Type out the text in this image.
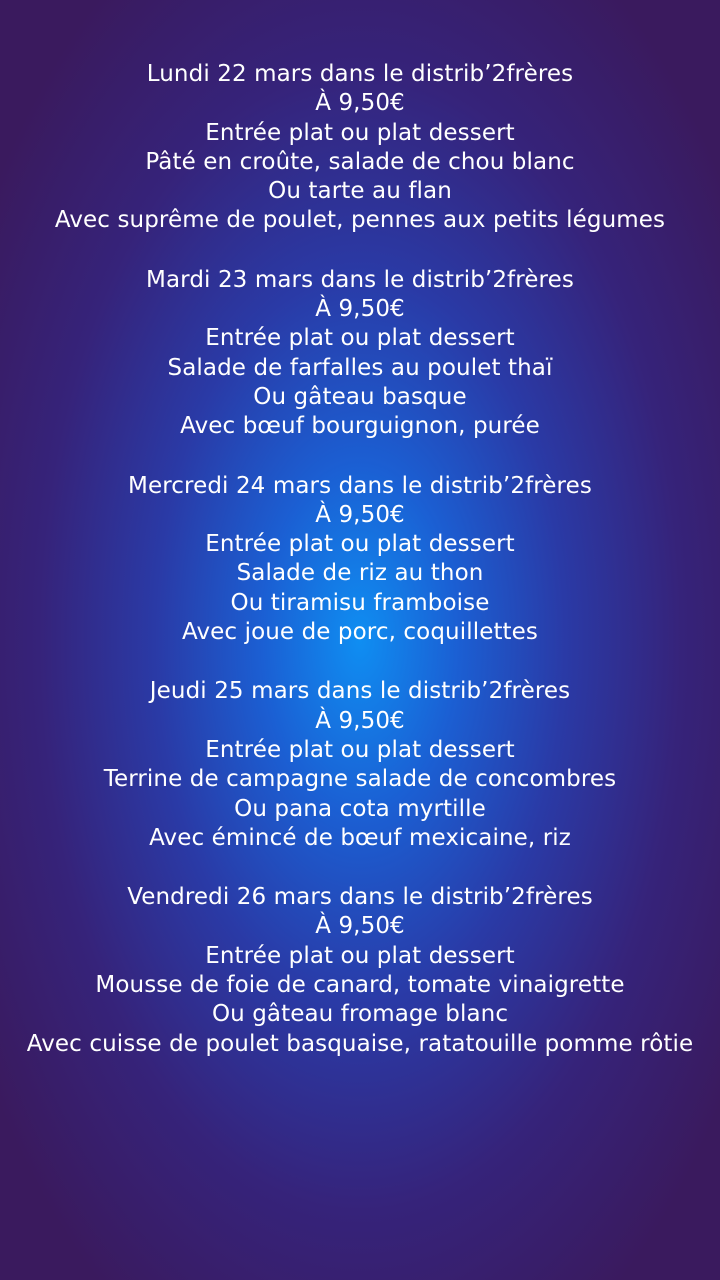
Lundi 22 mars dans le distrib’2frères
À 9,50€
Entrée plat ou plat dessert
Pâté en croûte, salade de chou blanc
Ou tarte au flan
Avec suprême de poulet, pennes aux petits légumes
Mardi 23 mars dans le distrib’2frères
À 9,50€
Entrée plat ou plat dessert
Salade de farfalles au poulet thaï
Ou gâteau basque
Avec bœuf bourguignon, purée
Mercredi 24 mars dans le distrib’2frères
À 9,50€
Entrée plat ou plat dessert
Salade de riz au thon
Ou tiramisu framboise
Avec joue de porc, coquillettes
Jeudi 25 mars dans le distrib’2frères
À 9,50€
Entrée plat ou plat dessert
Terrine de campagne salade de concombres
Ou pana cota myrtille
Avec émincé de bœuf mexicaine, riz
Vendredi 26 mars dans le distrib’2frères
À 9,50€
Entrée plat ou plat dessert
Mousse de foie de canard, tomate vinaigrette
Ou gâteau fromage blanc
Avec cuisse de poulet basquaise, ratatouille pomme rôtie
